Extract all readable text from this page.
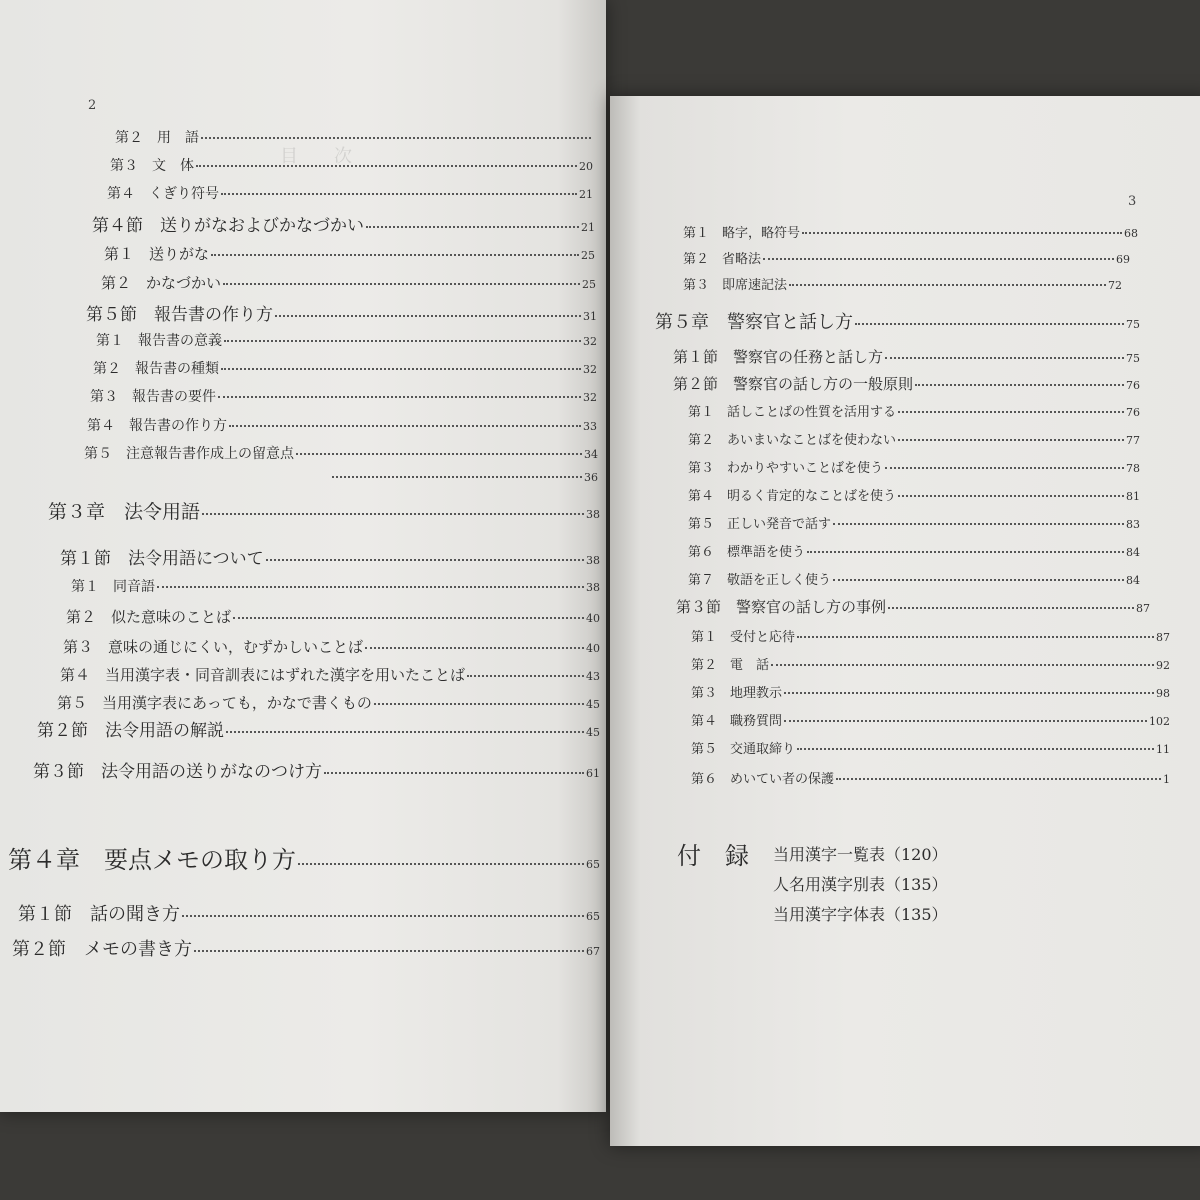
2
目　　次
第２　用　語
第３　文　体	20
第４　くぎり符号	21
第４節　送りがなおよびかなづかい	21
第１　送りがな	25
第２　かなづかい	25
第５節　報告書の作り方	31
第１　報告書の意義	32
第２　報告書の種類	32
第３　報告書の要件	32
第４　報告書の作り方	33
第５　注意報告書作成上の留意点	34
36
第３章　法令用語	38
第１節　法令用語について	38
第１　同音語	38
第２　似た意味のことば	40
第３　意味の通じにくい，むずかしいことば	40
第４　当用漢字表・同音訓表にはずれた漢字を用いたことば	43
第５　当用漢字表にあっても，かなで書くもの	45
第２節　法令用語の解説	45
第３節　法令用語の送りがなのつけ方	61
第４章　要点メモの取り方	65
第１節　話の聞き方	65
第２節　メモの書き方	67
3
第１　略字，略符号	68
第２　省略法	69
第３　即席速記法	72
第５章　警察官と話し方	75
第１節　警察官の任務と話し方	75
第２節　警察官の話し方の一般原則	76
第１　話しことばの性質を活用する	76
第２　あいまいなことばを使わない	77
第３　わかりやすいことばを使う	78
第４　明るく肯定的なことばを使う	81
第５　正しい発音で話す	83
第６　標準語を使う	84
第７　敬語を正しく使う	84
第３節　警察官の話し方の事例	87
第１　受付と応待	87
第２　電　話	92
第３　地理教示	98
第４　職務質問	102
第５　交通取締り	11
第６　めいてい者の保護	1
付　録 当用漢字一覧表（120）
人名用漢字別表（135）
当用漢字字体表（135）
